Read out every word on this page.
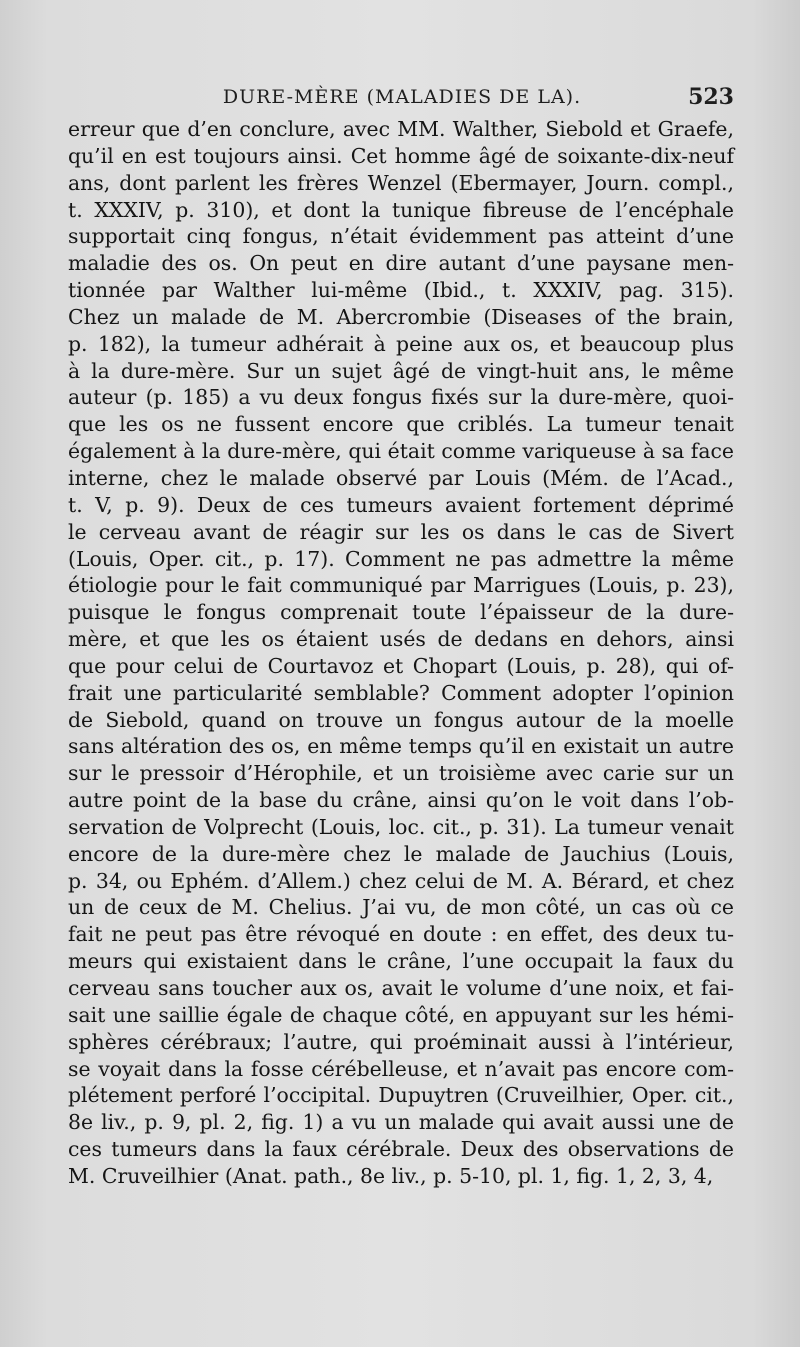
DURE-MÈRE (MALADIES DE LA).	523
erreur que d’en conclure, avec MM. Walther, Siebold et Graefe,
qu’il en est toujours ainsi. Cet homme âgé de soixante-dix-neuf
ans, dont parlent les frères Wenzel (Ebermayer, Journ. compl.,
t. XXXIV, p. 310), et dont la tunique fibreuse de l’encéphale
supportait cinq fongus, n’était évidemment pas atteint d’une
maladie des os. On peut en dire autant d’une paysane men-
tionnée par Walther lui-même (Ibid., t. XXXIV, pag. 315).
Chez un malade de M. Abercrombie (Diseases of the brain,
p. 182), la tumeur adhérait à peine aux os, et beaucoup plus
à la dure-mère. Sur un sujet âgé de vingt-huit ans, le même
auteur (p. 185) a vu deux fongus fixés sur la dure-mère, quoi-
que les os ne fussent encore que criblés. La tumeur tenait
également à la dure-mère, qui était comme variqueuse à sa face
interne, chez le malade observé par Louis (Mém. de l’Acad.,
t. V, p. 9). Deux de ces tumeurs avaient fortement déprimé
le cerveau avant de réagir sur les os dans le cas de Sivert
(Louis, Oper. cit., p. 17). Comment ne pas admettre la même
étiologie pour le fait communiqué par Marrigues (Louis, p. 23),
puisque le fongus comprenait toute l’épaisseur de la dure-
mère, et que les os étaient usés de dedans en dehors, ainsi
que pour celui de Courtavoz et Chopart (Louis, p. 28), qui of-
frait une particularité semblable? Comment adopter l’opinion
de Siebold, quand on trouve un fongus autour de la moelle
sans altération des os, en même temps qu’il en existait un autre
sur le pressoir d’Hérophile, et un troisième avec carie sur un
autre point de la base du crâne, ainsi qu’on le voit dans l’ob-
servation de Volprecht (Louis, loc. cit., p. 31). La tumeur venait
encore de la dure-mère chez le malade de Jauchius (Louis,
p. 34, ou Ephém. d’Allem.) chez celui de M. A. Bérard, et chez
un de ceux de M. Chelius. J’ai vu, de mon côté, un cas où ce
fait ne peut pas être révoqué en doute : en effet, des deux tu-
meurs qui existaient dans le crâne, l’une occupait la faux du
cerveau sans toucher aux os, avait le volume d’une noix, et fai-
sait une saillie égale de chaque côté, en appuyant sur les hémi-
sphères cérébraux; l’autre, qui proéminait aussi à l’intérieur,
se voyait dans la fosse cérébelleuse, et n’avait pas encore com-
plétement perforé l’occipital. Dupuytren (Cruveilhier, Oper. cit.,
8e liv., p. 9, pl. 2, fig. 1) a vu un malade qui avait aussi une de
ces tumeurs dans la faux cérébrale. Deux des observations de
M. Cruveilhier (Anat. path., 8e liv., p. 5-10, pl. 1, fig. 1, 2, 3, 4,
